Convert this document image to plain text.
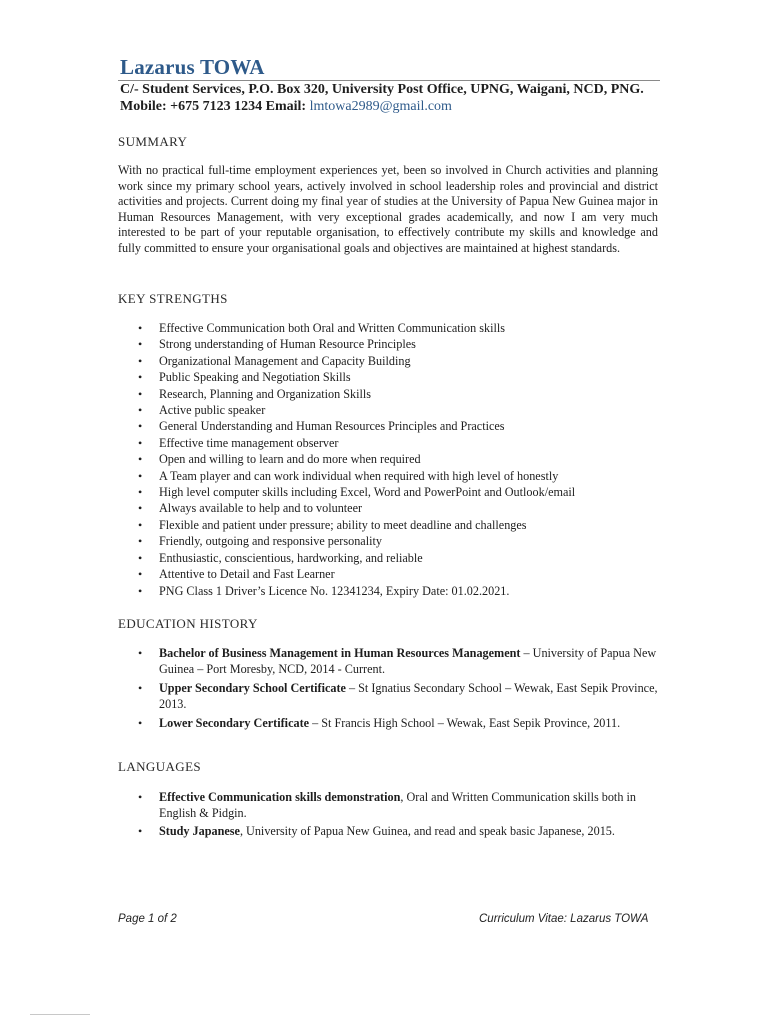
Lazarus TOWA
C/- Student Services, P.O. Box 320, University Post Office, UPNG, Waigani, NCD, PNG.
Mobile: +675 7123 1234 Email: lmtowa2989@gmail.com
SUMMARY
With no practical full-time employment experiences yet, been so involved in Church activities and planning work since my primary school years, actively involved in school leadership roles and provincial and district activities and projects. Current doing my final year of studies at the University of Papua New Guinea major in Human Resources Management, with very exceptional grades academically, and now I am very much interested to be part of your reputable organisation, to effectively contribute my skills and knowledge and fully committed to ensure your organisational goals and objectives are maintained at highest standards.
KEY STRENGTHS
• Effective Communication both Oral and Written Communication skills
• Strong understanding of Human Resource Principles
• Organizational Management and Capacity Building
• Public Speaking and Negotiation Skills
• Research, Planning and Organization Skills
• Active public speaker
• General Understanding and Human Resources Principles and Practices
• Effective time management observer
• Open and willing to learn and do more when required
• A Team player and can work individual when required with high level of honestly
• High level computer skills including Excel, Word and PowerPoint and Outlook/email
• Always available to help and to volunteer
• Flexible and patient under pressure; ability to meet deadline and challenges
• Friendly, outgoing and responsive personality
• Enthusiastic, conscientious, hardworking, and reliable
• Attentive to Detail and Fast Learner
• PNG Class 1 Driver’s Licence No. 12341234, Expiry Date: 01.02.2021.
EDUCATION HISTORY
• Bachelor of Business Management in Human Resources Management – University of Papua New Guinea – Port Moresby, NCD, 2014 - Current.
• Upper Secondary School Certificate – St Ignatius Secondary School – Wewak, East Sepik Province, 2013.
• Lower Secondary Certificate – St Francis High School – Wewak, East Sepik Province, 2011.
LANGUAGES
• Effective Communication skills demonstration, Oral and Written Communication skills both in English & Pidgin.
• Study Japanese, University of Papua New Guinea, and read and speak basic Japanese, 2015.
Page 1 of 2	Curriculum Vitae: Lazarus TOWA
